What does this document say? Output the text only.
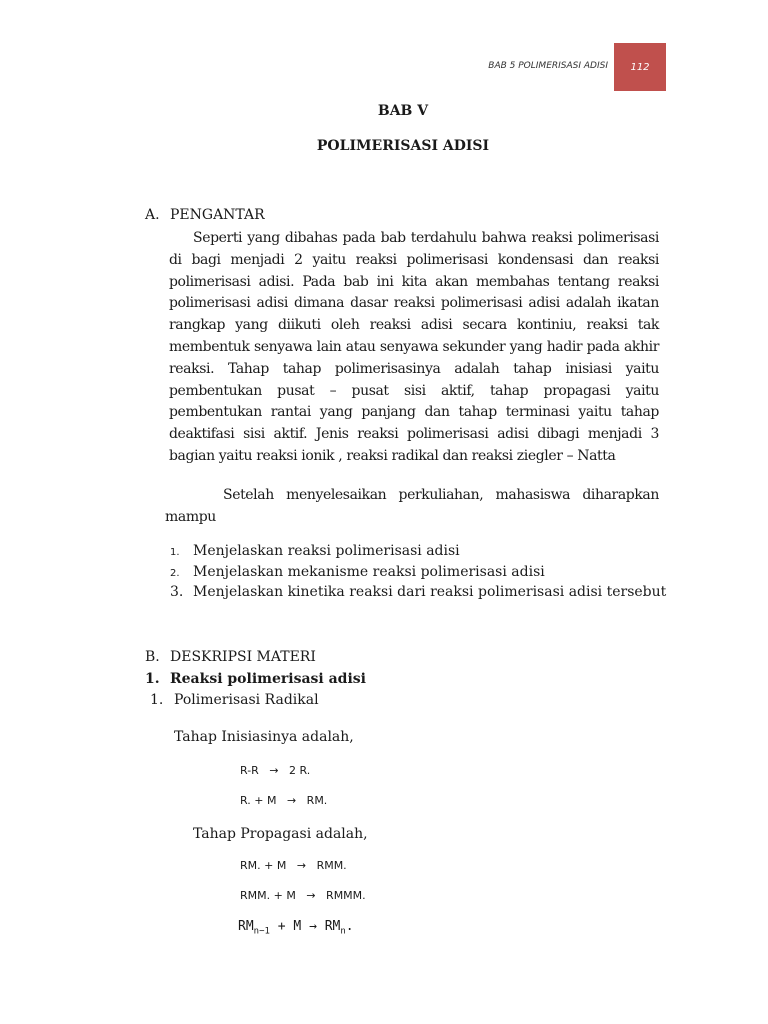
BAB 5 POLIMERISASI ADISI 112
BAB V
POLIMERISASI ADISI
A. PENGANTAR
Seperti yang dibahas pada bab terdahulu bahwa reaksi polimerisasi di bagi menjadi 2 yaitu reaksi polimerisasi kondensasi dan reaksi polimerisasi adisi. Pada bab ini kita akan membahas tentang reaksi polimerisasi adisi dimana dasar reaksi polimerisasi adisi adalah ikatan rangkap yang diikuti oleh reaksi adisi secara kontiniu, reaksi tak membentuk senyawa lain atau senyawa sekunder yang hadir pada akhir reaksi. Tahap tahap polimerisasinya adalah tahap inisiasi yaitu pembentukan pusat – pusat sisi aktif, tahap propagasi yaitu pembentukan rantai yang panjang dan tahap terminasi yaitu tahap deaktifasi sisi aktif. Jenis reaksi polimerisasi adisi dibagi menjadi 3 bagian yaitu reaksi ionik , reaksi radikal dan reaksi ziegler – Natta
Setelah menyelesaikan perkuliahan, mahasiswa diharapkan mampu
1. Menjelaskan reaksi polimerisasi adisi
2. Menjelaskan mekanisme reaksi polimerisasi adisi
3. Menjelaskan kinetika reaksi dari reaksi polimerisasi adisi tersebut
B. DESKRIPSI MATERI
1. Reaksi polimerisasi adisi
1. Polimerisasi Radikal
Tahap Inisiasinya adalah,
R-R → 2 R.
R. + M → RM.
Tahap Propagasi adalah,
RM. + M → RMM.
RMM. + M → RMMM.
$RM_{n-1} + M \to RM_n$.
